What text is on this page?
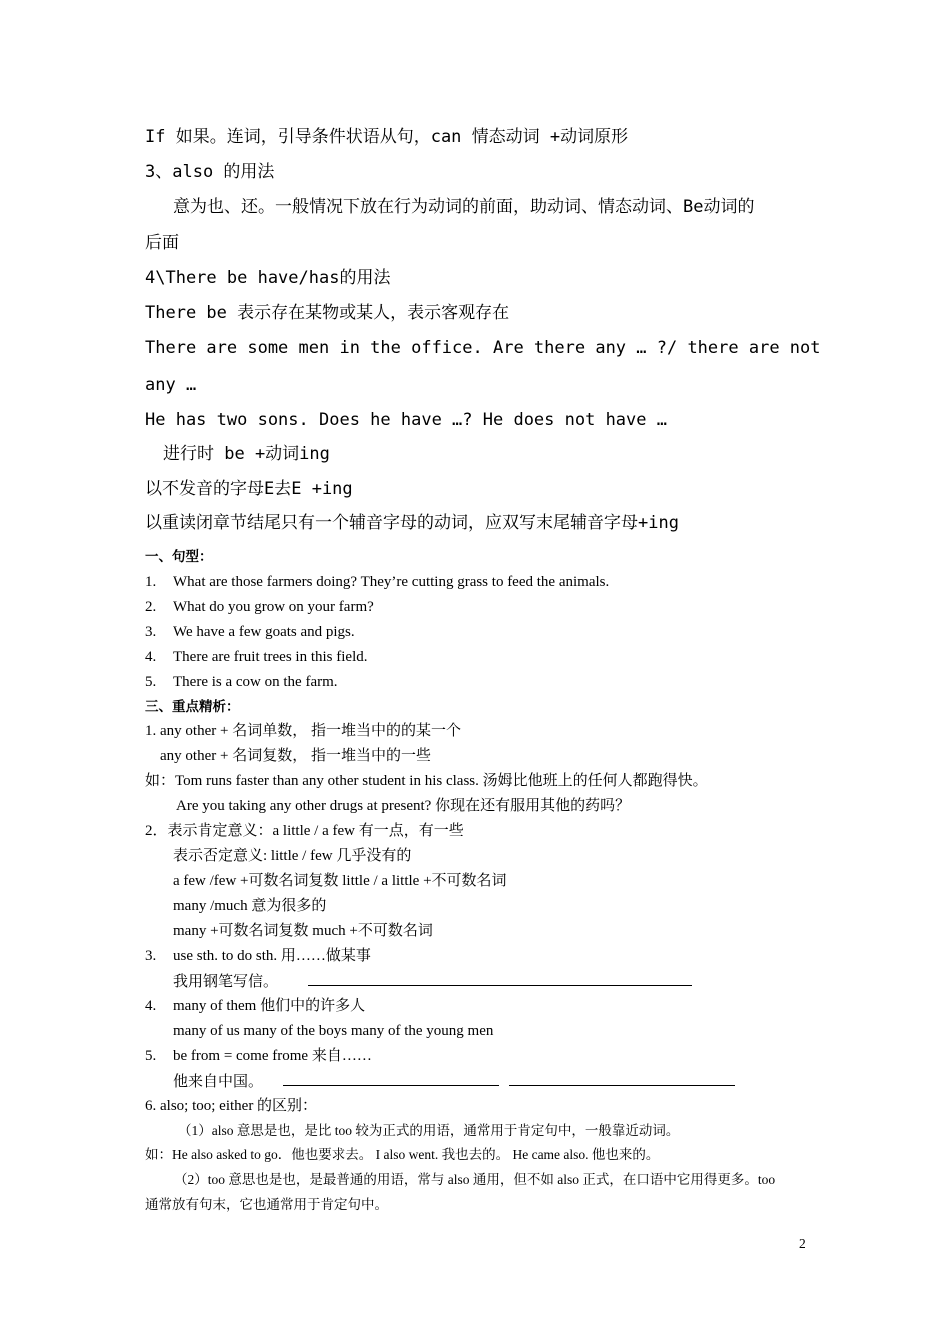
If 如果。连词，引导条件状语从句，can 情态动词 +动词原形
3、also 的用法
意为也、还。一般情况下放在行为动词的前面，助动词、情态动词、Be动词的
后面
4\There be have/has的用法
There be 表示存在某物或某人，表示客观存在
There are some men in the office. Are there any … ?/ there are not
any …
He has two sons. Does he have …? He does not have …
进行时 be +动词ing
以不发音的字母E去E +ing
以重读闭章节结尾只有一个辅音字母的动词，应双写末尾辅音字母+ing
一、句型：
1. What are those farmers doing? They’re cutting grass to feed the animals.
2. What do you grow on your farm?
3. We have a few goats and pigs.
4. There are fruit trees in this field.
5. There is a cow on the farm.
三、重点精析：
1. any other + 名词单数， 指一堆当中的的某一个
any other + 名词复数， 指一堆当中的一些
如：Tom runs faster than any other student in his class. 汤姆比他班上的任何人都跑得快。
Are you taking any other drugs at present? 你现在还有服用其他的药吗？
2．表示肯定意义：a little / a few 有一点，有一些
表示否定意义: little / few 几乎没有的
a few /few +可数名词复数 little / a little +不可数名词
many /much 意为很多的
many +可数名词复数 much +不可数名词
3. use sth. to do sth. 用……做某事
我用钢笔写信。
4. many of them 他们中的许多人
many of us many of the boys many of the young men
5. be from = come frome 来自……
他来自中国。
6. also; too; either 的区别：
（1）also 意思是也，是比 too 较为正式的用语，通常用于肯定句中，一般靠近动词。
如：He also asked to go．他也要求去。 I also went. 我也去的。 He came also. 他也来的。
（2）too 意思也是也，是最普通的用语，常与 also 通用，但不如 also 正式，在口语中它用得更多。too
通常放有句末，它也通常用于肯定句中。
2
